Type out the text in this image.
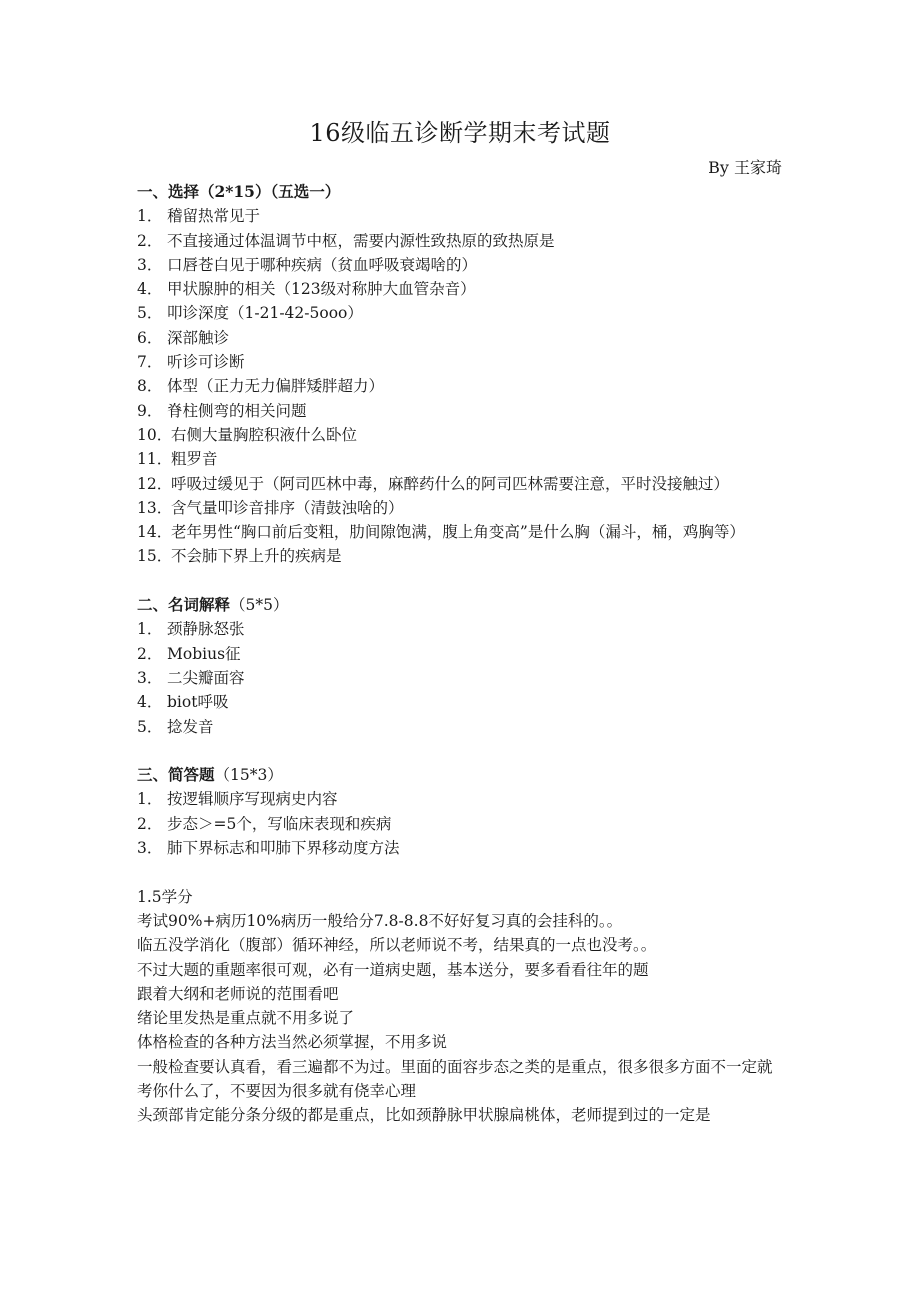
16级临五诊断学期末考试题
By 王家琦
一、选择（2*15）（五选一）
1． 稽留热常见于
2． 不直接通过体温调节中枢，需要内源性致热原的致热原是
3． 口唇苍白见于哪种疾病（贫血呼吸衰竭啥的）
4． 甲状腺肿的相关（123级对称肿大血管杂音）
5． 叩诊深度（1-21-42-5ooo）
6． 深部触诊
7． 听诊可诊断
8． 体型（正力无力偏胖矮胖超力）
9． 脊柱侧弯的相关问题
10．
右侧大量胸腔积液什么卧位
11．
粗罗音
12．
呼吸过缓见于（阿司匹林中毒，麻醉药什么的阿司匹林需要注意，平时没接触过）
13．
含气量叩诊音排序（清鼓浊啥的）
14．
老年男性“胸口前后变粗，肋间隙饱满，腹上角变高”是什么胸（漏斗，桶，鸡胸等）
15．
不会肺下界上升的疾病是
二、名词解释（5*5）
1． 颈静脉怒张
2． Mobius征
3． 二尖瓣面容
4． biot呼吸
5． 捻发音
三、简答题（15*3）
1． 按逻辑顺序写现病史内容
2． 步态＞=5个，写临床表现和疾病
3． 肺下界标志和叩肺下界移动度方法
1.5学分
考试90%+病历10%病历一般给分7.8-8.8不好好复习真的会挂科的。。
临五没学消化（腹部）循环神经，所以老师说不考，结果真的一点也没考。。
不过大题的重题率很可观，必有一道病史题，基本送分，要多看看往年的题
跟着大纲和老师说的范围看吧
绪论里发热是重点就不用多说了
体格检查的各种方法当然必须掌握，不用多说
一般检查要认真看，看三遍都不为过。里面的面容步态之类的是重点，很多很多方面不一定就考你什么了，不要因为很多就有侥幸心理
头颈部肯定能分条分级的都是重点，比如颈静脉甲状腺扁桃体，老师提到过的一定是
